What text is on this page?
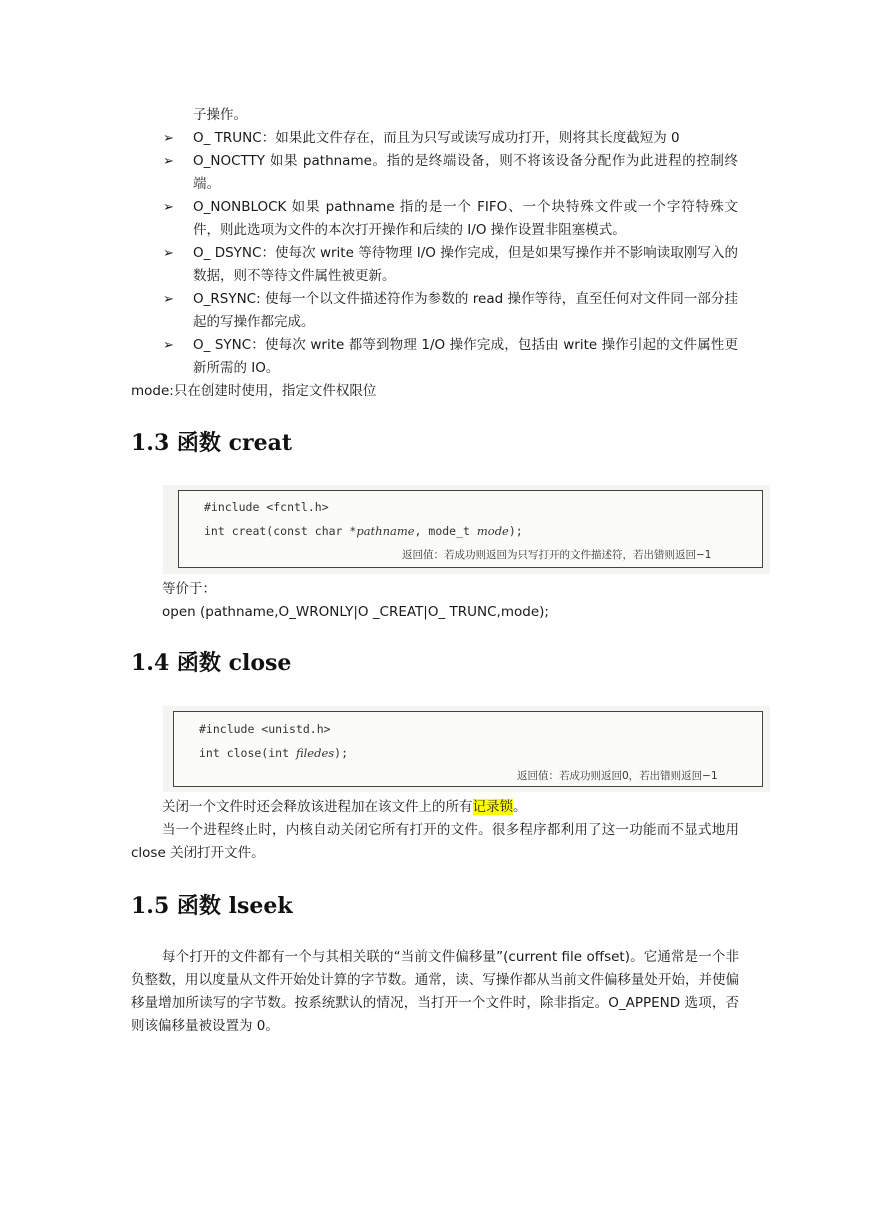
子操作。
➢	O_ TRUNC：如果此文件存在，而且为只写或读写成功打开，则将其长度截短为 0
➢	O_NOCTTY 如果 pathname。指的是终端设备，则不将该设备分配作为此进程的控制终端。
➢	O_NONBLOCK 如果 pathname 指的是一个 FIFO、一个块特殊文件或一个字符特殊文件，则此选项为文件的本次打开操作和后续的 I/O 操作设置非阻塞模式。
➢	O_ DSYNC：使每次 write 等待物理 I/O 操作完成，但是如果写操作并不影响读取刚写入的数据，则不等待文件属性被更新。
➢	O_RSYNC: 使每一个以文件描述符作为参数的 read 操作等待，直至任何对文件同一部分挂起的写操作都完成。
➢	O_ SYNC：使每次 write 都等到物理 1/O 操作完成，包括由 write 操作引起的文件属性更新所需的 IO。
mode:只在创建时使用，指定文件权限位
1.3 函数 creat
#include <fcntl.h>
int creat(const char *pathname, mode_t mode);
返回值：若成功则返回为只写打开的文件描述符，若出错则返回−1
等价于：
open (pathname,O_WRONLY|O _CREAT|O_ TRUNC,mode);
1.4 函数 close
#include <unistd.h>
int close(int filedes);
返回值：若成功则返回0，若出错则返回−1
关闭一个文件时还会释放该进程加在该文件上的所有记录锁。
当一个进程终止时，内核自动关闭它所有打开的文件。很多程序都利用了这一功能而不显式地用 close 关闭打开文件。
1.5 函数 lseek
每个打开的文件都有一个与其相关联的“当前文件偏移量”(current file offset)。它通常是一个非负整数，用以度量从文件开始处计算的字节数。通常，读、写操作都从当前文件偏移量处开始，并使偏移量增加所读写的字节数。按系统默认的情况，当打开一个文件时，除非指定。O_APPEND 选项，否则该偏移量被设置为 0。
